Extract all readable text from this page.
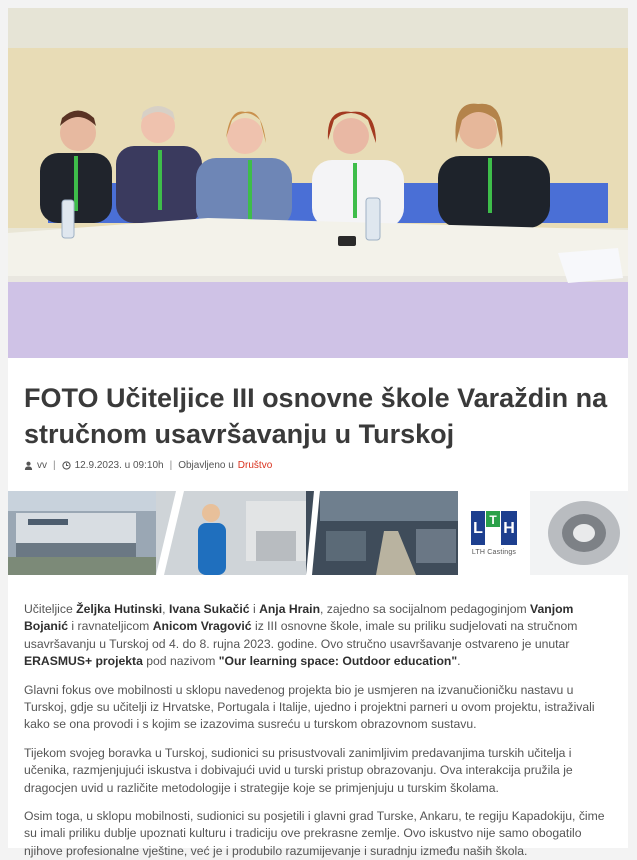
FOTO Učiteljice III osnovne škole Varaždin na stručnom usavršavanju u Turskoj
vv | 12.9.2023. u 09:10h | Objavljeno u Društvo
L T H
LTH Castings

Učiteljice Željka Hutinski, Ivana Sukačić i Anja Hrain, zajedno sa socijalnom pedagoginjom Vanjom Bojanić i ravnateljicom Anicom Vragović iz III osnovne škole, imale su priliku sudjelovati na stručnom usavršavanju u Turskoj od 4. do 8. rujna 2023. godine. Ovo stručno usavršavanje ostvareno je unutar ERASMUS+ projekta pod nazivom "Our learning space: Outdoor education".

Glavni fokus ove mobilnosti u sklopu navedenog projekta bio je usmjeren na izvanučioničku nastavu u Turskoj, gdje su učitelji iz Hrvatske, Portugala i Italije, ujedno i projektni parneri u ovom projektu, istraživali kako se ona provodi i s kojim se izazovima susreću u turskom obrazovnom sustavu.

Tijekom svojeg boravka u Turskoj, sudionici su prisustvovali zanimljivim predavanjima turskih učitelja i učenika, razmjenjujući iskustva i dobivajući uvid u turski pristup obrazovanju. Ova interakcija pružila je dragocjen uvid u različite metodologije i strategije koje se primjenjuju u turskim školama.

Osim toga, u sklopu mobilnosti, sudionici su posjetili i glavni grad Turske, Ankaru, te regiju Kapadokiju, čime su imali priliku dublje upoznati kulturu i tradiciju ove prekrasne zemlje. Ovo iskustvo nije samo obogatilo njihove profesionalne vještine, već je i produbilo razumijevanje i suradnju između naših škola.
